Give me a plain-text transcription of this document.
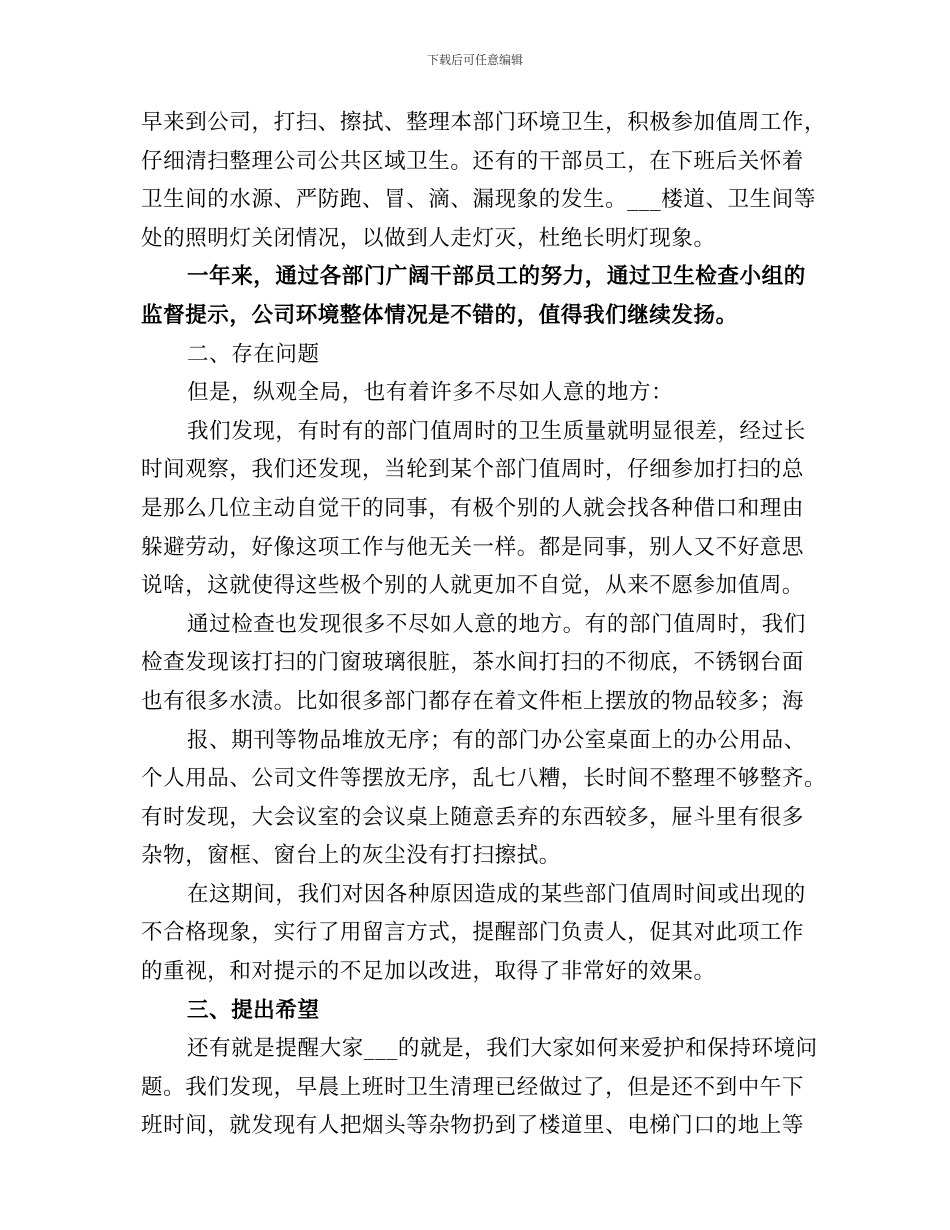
下载后可任意编辑
早来到公司，打扫、擦拭、整理本部门环境卫生，积极参加值周工作，
仔细清扫整理公司公共区域卫生。还有的干部员工，在下班后关怀着
卫生间的水源、严防跑、冒、滴、漏现象的发生。___楼道、卫生间等
处的照明灯关闭情况，以做到人走灯灭，杜绝长明灯现象。
一年来，通过各部门广阔干部员工的努力，通过卫生检查小组的
监督提示，公司环境整体情况是不错的，值得我们继续发扬。
二、存在问题
但是，纵观全局，也有着许多不尽如人意的地方：
我们发现，有时有的部门值周时的卫生质量就明显很差，经过长
时间观察，我们还发现，当轮到某个部门值周时，仔细参加打扫的总
是那么几位主动自觉干的同事，有极个别的人就会找各种借口和理由
躲避劳动，好像这项工作与他无关一样。都是同事，别人又不好意思
说啥，这就使得这些极个别的人就更加不自觉，从来不愿参加值周。
通过检查也发现很多不尽如人意的地方。有的部门值周时，我们
检查发现该打扫的门窗玻璃很脏，茶水间打扫的不彻底，不锈钢台面
也有很多水渍。比如很多部门都存在着文件柜上摆放的物品较多；海
报、期刊等物品堆放无序；有的部门办公室桌面上的办公用品、
个人用品、公司文件等摆放无序，乱七八糟，长时间不整理不够整齐。
有时发现，大会议室的会议桌上随意丢弃的东西较多，屉斗里有很多
杂物，窗框、窗台上的灰尘没有打扫擦拭。
在这期间，我们对因各种原因造成的某些部门值周时间或出现的
不合格现象，实行了用留言方式，提醒部门负责人，促其对此项工作
的重视，和对提示的不足加以改进，取得了非常好的效果。
三、提出希望
还有就是提醒大家___的就是，我们大家如何来爱护和保持环境问
题。我们发现，早晨上班时卫生清理已经做过了，但是还不到中午下
班时间，就发现有人把烟头等杂物扔到了楼道里、电梯门口的地上等
